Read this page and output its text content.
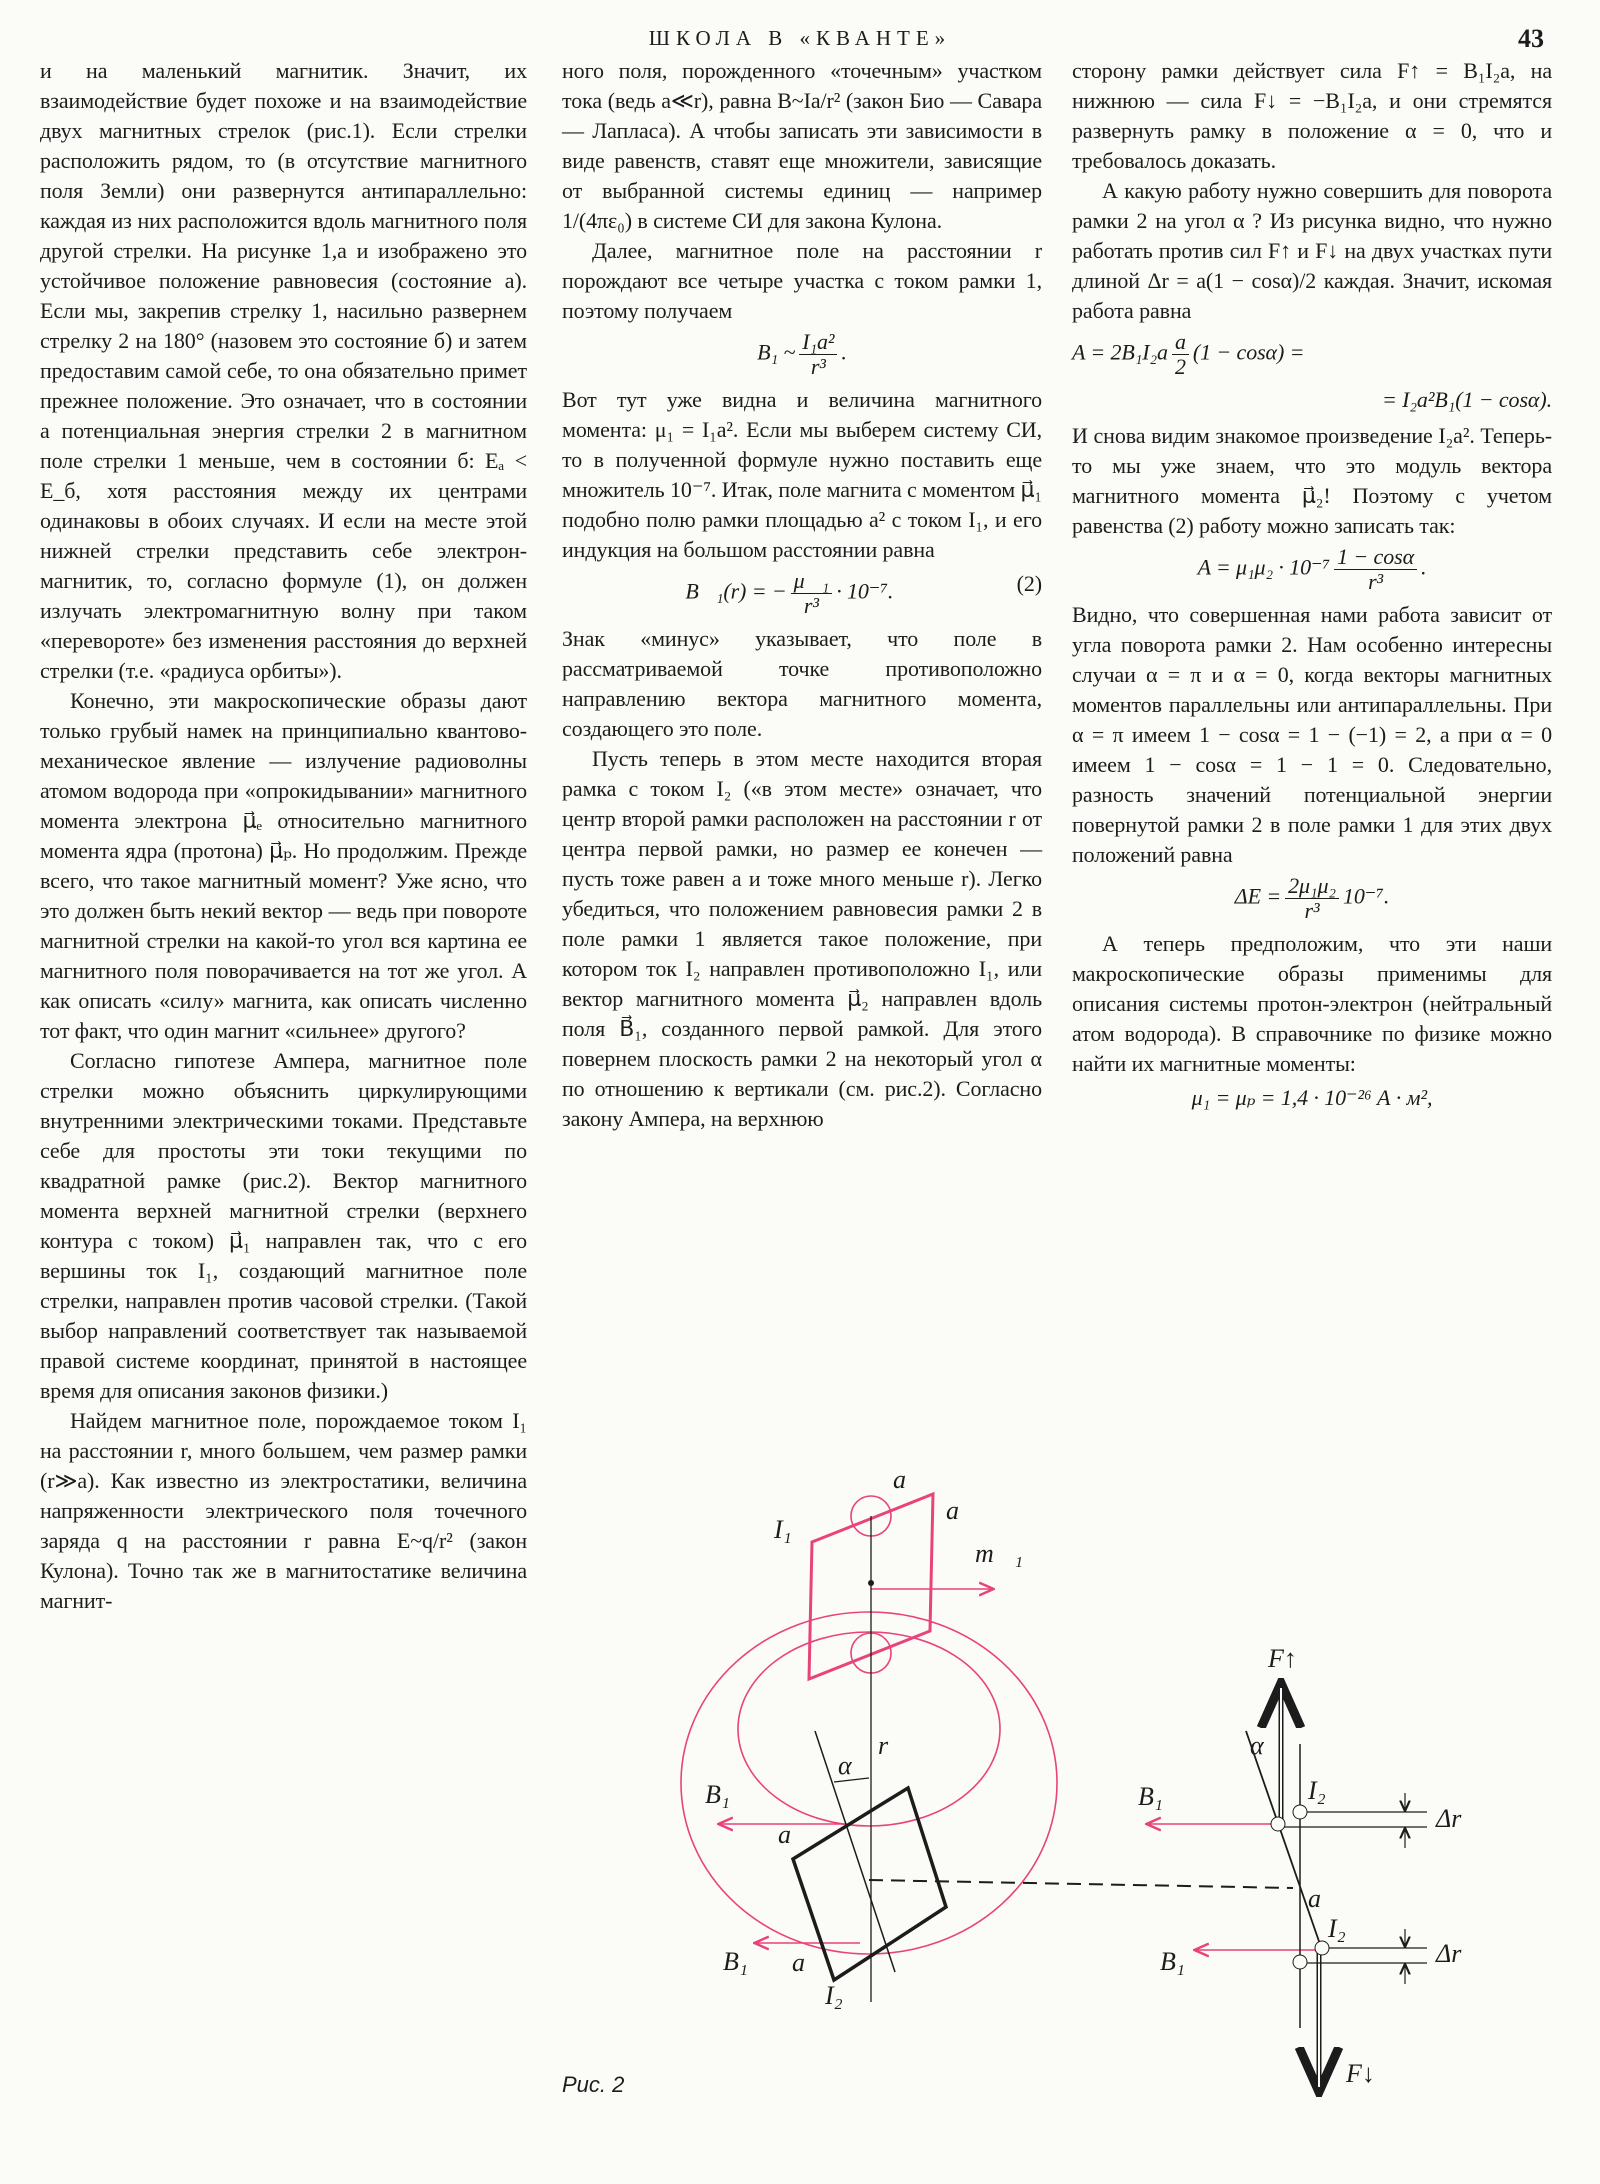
ШКОЛА В «КВАНТЕ»	43

и на маленький магнитик. Значит, их взаимодействие будет похоже и на взаимодействие двух магнитных стрелок (рис.1). Если стрелки расположить рядом, то (в отсутствие магнитного поля Земли) они развернутся антипараллельно: каждая из них расположится вдоль магнитного поля другой стрелки. На рисунке 1,а и изображено это устойчивое положение равновесия (состояние а). Если мы, закрепив стрелку 1, насильно развернем стрелку 2 на 180° (назовем это состояние б) и затем предоставим самой себе, то она обязательно примет прежнее положение. Это означает, что в состоянии а потенциальная энергия стрелки 2 в магнитном поле стрелки 1 меньше, чем в состоянии б: Eₐ < E_б, хотя расстояния между их центрами одинаковы в обоих случаях. И если на месте этой нижней стрелки представить себе электрон-магнитик, то, согласно формуле (1), он должен излучать электромагнитную волну при таком «перевороте» без изменения расстояния до верхней стрелки (т.е. «радиуса орбиты»).

Конечно, эти макроскопические образы дают только грубый намек на принципиально квантово-механическое явление — излучение радиоволны атомом водорода при «опрокидывании» магнитного момента электрона μ⃗ₑ относительно магнитного момента ядра (протона) μ⃗ₚ. Но продолжим. Прежде всего, что такое магнитный момент? Уже ясно, что это должен быть некий вектор — ведь при повороте магнитной стрелки на какой-то угол вся картина ее магнитного поля поворачивается на тот же угол. А как описать «силу» магнита, как описать численно тот факт, что один магнит «сильнее» другого?

Согласно гипотезе Ампера, магнитное поле стрелки можно объяснить циркулирующими внутренними электрическими токами. Представьте себе для простоты эти токи текущими по квадратной рамке (рис.2). Вектор магнитного момента верхней магнитной стрелки (верхнего контура с током) μ⃗₁ направлен так, что с его вершины ток I₁, создающий магнитное поле стрелки, направлен против часовой стрелки. (Такой выбор направлений соответствует так называемой правой системе координат, принятой в настоящее время для описания законов физики.)

Найдем магнитное поле, порождаемое током I₁ на расстоянии r, много большем, чем размер рамки (r≫a). Как известно из электростатики, величина напряженности электрического поля точечного заряда q на расстоянии r равна E~q/r² (закон Кулона). Точно так же в магнитостатике величина магнит-

ного поля, порожденного «точечным» участком тока (ведь a≪r), равна B~Ia/r² (закон Био — Савара — Лапласа). А чтобы записать эти зависимости в виде равенств, ставят еще множители, зависящие от выбранной системы единиц — например 1/(4πε₀) в системе СИ для закона Кулона.

Далее, магнитное поле на расстоянии r порождают все четыре участка с током рамки 1, поэтому получаем

B₁ ~ $\frac{\text{I₁a²}}{\text{r³}}$ .

Вот тут уже видна и величина магнитного момента: μ₁ = I₁a². Если мы выберем систему СИ, то в полученной формуле нужно поставить еще множитель 10⁻⁷. Итак, поле магнита с моментом μ⃗₁ подобно полю рамки площадью a² с током I₁, и его индукция на большом расстоянии равна

(2)
B⃗₁(r) = − $\frac{\text{μ⃗₁}}{\text{r³}} \cdot 10^{-7}$.

Знак «минус» указывает, что поле в рассматриваемой точке противоположно направлению вектора магнитного момента, создающего это поле.

Пусть теперь в этом месте находится вторая рамка с током I₂ («в этом месте» означает, что центр второй рамки расположен на расстоянии r от центра первой рамки, но размер ее конечен — пусть тоже равен a и тоже много меньше r). Легко убедиться, что положением равновесия рамки 2 в поле рамки 1 является такое положение, при котором ток I₂ направлен противоположно I₁, или вектор магнитного момента μ⃗₂ направлен вдоль поля B⃗₁, созданного первой рамкой. Для этого повернем плоскость рамки 2 на некоторый угол α по отношению к вертикали (см. рис.2). Согласно закону Ампера, на верхнюю

сторону рамки действует сила F↑ = B₁I₂a, на нижнюю — сила F↓ = −B₁I₂a, и они стремятся развернуть рамку в положение α = 0, что и требовалось доказать.

А какую работу нужно совершить для поворота рамки 2 на угол α ? Из рисунка видно, что нужно работать против сил F↑ и F↓ на двух участках пути длиной Δr = a(1 − cosα)/2 каждая. Значит, искомая работа равна

$A = 2B_1I_2a \frac{a}{2} (1 - \cos\alpha)$ =
= I₂a²B₁(1 − cosα).

И снова видим знакомое произведение I₂a². Теперь-то мы уже знаем, что это модуль вектора магнитного момента μ⃗₂! Поэтому с учетом равенства (2) работу можно записать так:

$A = \mu_1\mu_2 \cdot 10^{-7} \frac{1 - \cos\alpha}{\text{r³}}$ .

Видно, что совершенная нами работа зависит от угла поворота рамки 2. Нам особенно интересны случаи α = π и α = 0, когда векторы магнитных моментов параллельны или антипараллельны. При α = π имеем 1 − cosα = 1 − (−1) = 2, а при α = 0 имеем 1 − cosα = 1 − 1 = 0. Следовательно, разность значений потенциальной энергии повернутой рамки 2 в поле рамки 1 для этих двух положений равна

$\Delta E = \frac{\text{2μ₁μ₂}}{\text{r³}} 10^{-7}$.

А теперь предположим, что эти наши макроскопические образы применимы для описания системы протон-электрон (нейтральный атом водорода). В справочнике по физике можно найти их магнитные моменты:

μ₁ = μₚ = 1,4 · 10⁻²⁶ А · м²,
I₁
a
a
m⃗₁
r
α
B₁
a
B₁ a
I₂
F↑
α
I₂
B₁
Δr
a
I₂
B₁	Δr
F↓
Рис. 2
